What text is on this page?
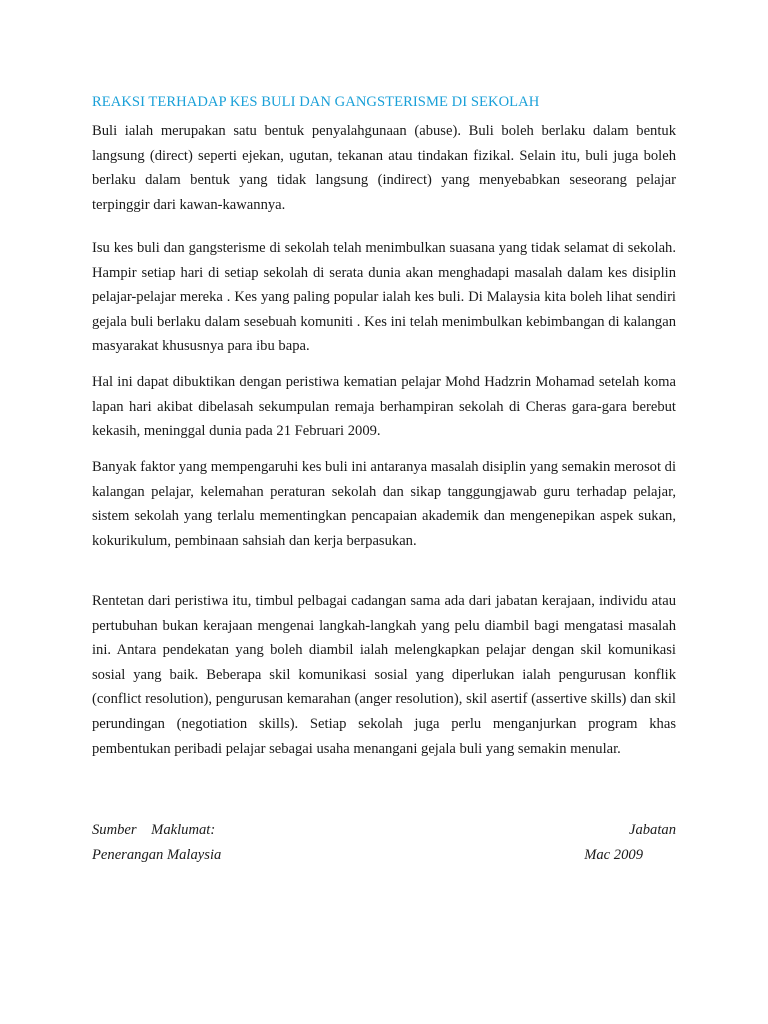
REAKSI TERHADAP KES BULI DAN GANGSTERISME DI SEKOLAH

Buli ialah merupakan satu bentuk penyalahgunaan (abuse). Buli boleh berlaku dalam bentuk langsung (direct) seperti ejekan, ugutan, tekanan atau tindakan fizikal. Selain itu, buli juga boleh berlaku dalam bentuk yang tidak langsung (indirect) yang menyebabkan seseorang pelajar terpinggir dari kawan-kawannya.

Isu kes buli dan gangsterisme di sekolah telah menimbulkan suasana yang tidak selamat di sekolah. Hampir setiap hari di setiap sekolah di serata dunia akan menghadapi masalah dalam kes disiplin pelajar-pelajar mereka . Kes yang paling popular ialah kes buli. Di Malaysia kita boleh lihat sendiri gejala buli berlaku dalam sesebuah komuniti . Kes ini telah menimbulkan kebimbangan di kalangan masyarakat khususnya para ibu bapa.

Hal ini dapat dibuktikan dengan peristiwa kematian pelajar Mohd Hadzrin Mohamad setelah koma lapan hari akibat dibelasah sekumpulan remaja berhampiran sekolah di Cheras gara-gara berebut kekasih, meninggal dunia pada 21 Februari 2009.

Banyak faktor yang mempengaruhi kes buli ini antaranya masalah disiplin yang semakin merosot di kalangan pelajar, kelemahan peraturan sekolah dan sikap tanggungjawab guru terhadap pelajar, sistem sekolah yang terlalu mementingkan pencapaian akademik dan mengenepikan aspek sukan, kokurikulum, pembinaan sahsiah dan kerja berpasukan.

Rentetan dari peristiwa itu, timbul pelbagai cadangan sama ada dari jabatan kerajaan, individu atau pertubuhan bukan kerajaan mengenai langkah-langkah yang pelu diambil bagi mengatasi masalah ini. Antara pendekatan yang boleh diambil ialah melengkapkan pelajar dengan skil komunikasi sosial yang baik. Beberapa skil komunikasi sosial yang diperlukan ialah pengurusan konflik (conflict resolution), pengurusan kemarahan (anger resolution), skil asertif (assertive skills) dan skil perundingan (negotiation skills). Setiap sekolah juga perlu menganjurkan program khas pembentukan peribadi pelajar sebagai usaha menangani gejala buli yang semakin menular.

Sumber    Maklumat:	Jabatan
Penerangan Malaysia	Mac 2009
